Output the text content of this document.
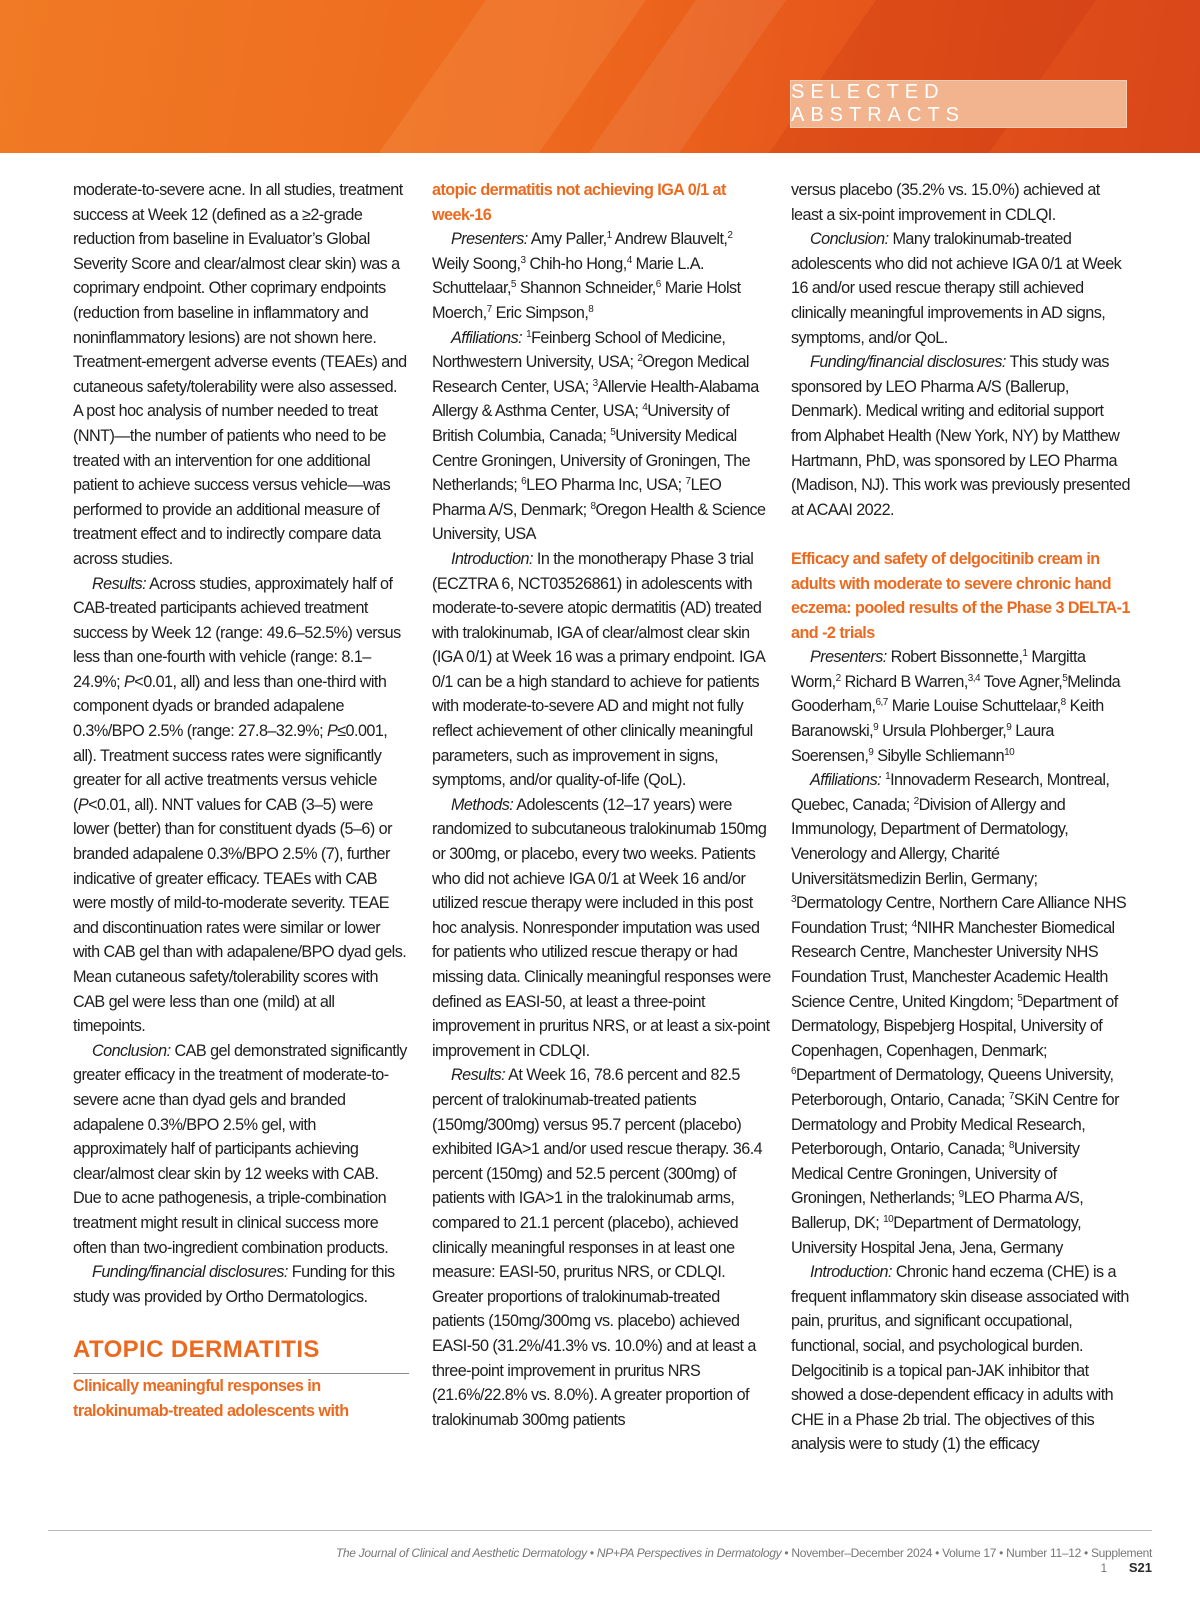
SELECTED ABSTRACTS

moderate-to-severe acne. In all studies, treatment success at Week 12 (defined as a ≥2-grade reduction from baseline in Evaluator’s Global Severity Score and clear/almost clear skin) was a coprimary endpoint. Other coprimary endpoints (reduction from baseline in inflammatory and noninflammatory lesions) are not shown here. Treatment-emergent adverse events (TEAEs) and cutaneous safety/tolerability were also assessed. A post hoc analysis of number needed to treat (NNT)—the number of patients who need to be treated with an intervention for one additional patient to achieve success versus vehicle—was performed to provide an additional measure of treatment effect and to indirectly compare data across studies.

Results: Across studies, approximately half of CAB-treated participants achieved treatment success by Week 12 (range: 49.6–52.5%) versus less than one-fourth with vehicle (range: 8.1–24.9%; P<0.01, all) and less than one-third with component dyads or branded adapalene 0.3%/BPO 2.5% (range: 27.8–32.9%; P≤0.001, all). Treatment success rates were significantly greater for all active treatments versus vehicle (P<0.01, all). NNT values for CAB (3–5) were lower (better) than for constituent dyads (5–6) or branded adapalene 0.3%/BPO 2.5% (7), further indicative of greater efficacy. TEAEs with CAB were mostly of mild-to-moderate severity. TEAE and discontinuation rates were similar or lower with CAB gel than with adapalene/BPO dyad gels. Mean cutaneous safety/tolerability scores with CAB gel were less than one (mild) at all timepoints.

Conclusion: CAB gel demonstrated significantly greater efficacy in the treatment of moderate-to-severe acne than dyad gels and branded adapalene 0.3%/BPO 2.5% gel, with approximately half of participants achieving clear/almost clear skin by 12 weeks with CAB. Due to acne pathogenesis, a triple-combination treatment might result in clinical success more often than two-ingredient combination products.

Funding/financial disclosures: Funding for this study was provided by Ortho Dermatologics.

ATOPIC DERMATITIS

Clinically meaningful responses in tralokinumab-treated adolescents with

atopic dermatitis not achieving IGA 0/1 at week-16

Presenters: Amy Paller,$^1$ Andrew Blauvelt,$^2$ Weily Soong,$^3$ Chih-ho Hong,$^4$ Marie L.A. Schuttelaar,$^5$ Shannon Schneider,$^6$ Marie Holst Moerch,$^7$ Eric Simpson,$^8$

Affiliations: $^1$Feinberg School of Medicine, Northwestern University, USA; $^2$Oregon Medical Research Center, USA; $^3$Allervie Health-Alabama Allergy & Asthma Center, USA; $^4$University of British Columbia, Canada; $^5$University Medical Centre Groningen, University of Groningen, The Netherlands; $^6$LEO Pharma Inc, USA; $^7$LEO Pharma A/S, Denmark; $^8$Oregon Health & Science University, USA

Introduction: In the monotherapy Phase 3 trial (ECZTRA 6, NCT03526861) in adolescents with moderate-to-severe atopic dermatitis (AD) treated with tralokinumab, IGA of clear/almost clear skin (IGA 0/1) at Week 16 was a primary endpoint. IGA 0/1 can be a high standard to achieve for patients with moderate-to-severe AD and might not fully reflect achievement of other clinically meaningful parameters, such as improvement in signs, symptoms, and/or quality-of-life (QoL).

Methods: Adolescents (12–17 years) were randomized to subcutaneous tralokinumab 150mg or 300mg, or placebo, every two weeks. Patients who did not achieve IGA 0/1 at Week 16 and/or utilized rescue therapy were included in this post hoc analysis. Nonresponder imputation was used for patients who utilized rescue therapy or had missing data. Clinically meaningful responses were defined as EASI-50, at least a three-point improvement in pruritus NRS, or at least a six-point improvement in CDLQI.

Results: At Week 16, 78.6 percent and 82.5 percent of tralokinumab-treated patients (150mg/300mg) versus 95.7 percent (placebo) exhibited IGA>1 and/or used rescue therapy. 36.4 percent (150mg) and 52.5 percent (300mg) of patients with IGA>1 in the tralokinumab arms, compared to 21.1 percent (placebo), achieved clinically meaningful responses in at least one measure: EASI-50, pruritus NRS, or CDLQI. Greater proportions of tralokinumab-treated patients (150mg/300mg vs. placebo) achieved EASI-50 (31.2%/41.3% vs. 10.0%) and at least a three-point improvement in pruritus NRS (21.6%/22.8% vs. 8.0%). A greater proportion of tralokinumab 300mg patients

versus placebo (35.2% vs. 15.0%) achieved at least a six-point improvement in CDLQI.

Conclusion: Many tralokinumab-treated adolescents who did not achieve IGA 0/1 at Week 16 and/or used rescue therapy still achieved clinically meaningful improvements in AD signs, symptoms, and/or QoL.

Funding/financial disclosures: This study was sponsored by LEO Pharma A/S (Ballerup, Denmark). Medical writing and editorial support from Alphabet Health (New York, NY) by Matthew Hartmann, PhD, was sponsored by LEO Pharma (Madison, NJ). This work was previously presented at ACAAI 2022.

Efficacy and safety of delgocitinib cream in adults with moderate to severe chronic hand eczema: pooled results of the Phase 3 DELTA-1 and -2 trials

Presenters: Robert Bissonnette,$^1$ Margitta Worm,$^2$ Richard B Warren,$^{3,4}$ Tove Agner,$^5$Melinda Gooderham,$^{6,7}$ Marie Louise Schuttelaar,$^8$ Keith Baranowski,$^9$ Ursula Plohberger,$^9$ Laura Soerensen,$^9$ Sibylle Schliemann$^{10}$

Affiliations: $^1$Innovaderm Research, Montreal, Quebec, Canada; $^2$Division of Allergy and Immunology, Department of Dermatology, Venerology and Allergy, Charité Universitätsmedizin Berlin, Germany; $^3$Dermatology Centre, Northern Care Alliance NHS Foundation Trust; $^4$NIHR Manchester Biomedical Research Centre, Manchester University NHS Foundation Trust, Manchester Academic Health Science Centre, United Kingdom; $^5$Department of Dermatology, Bispebjerg Hospital, University of Copenhagen, Copenhagen, Denmark; $^6$Department of Dermatology, Queens University, Peterborough, Ontario, Canada; $^7$SKiN Centre for Dermatology and Probity Medical Research, Peterborough, Ontario, Canada; $^8$University Medical Centre Groningen, University of Groningen, Netherlands; $^9$LEO Pharma A/S, Ballerup, DK; $^{10}$Department of Dermatology, University Hospital Jena, Jena, Germany

Introduction: Chronic hand eczema (CHE) is a frequent inflammatory skin disease associated with pain, pruritus, and significant occupational, functional, social, and psychological burden. Delgocitinib is a topical pan-JAK inhibitor that showed a dose-dependent efficacy in adults with CHE in a Phase 2b trial. The objectives of this analysis were to study (1) the efficacy

The Journal of Clinical and Aesthetic Dermatology • NP+PA Perspectives in Dermatology • November–December 2024 • Volume 17 • Number 11–12 • Supplement 1 S21
